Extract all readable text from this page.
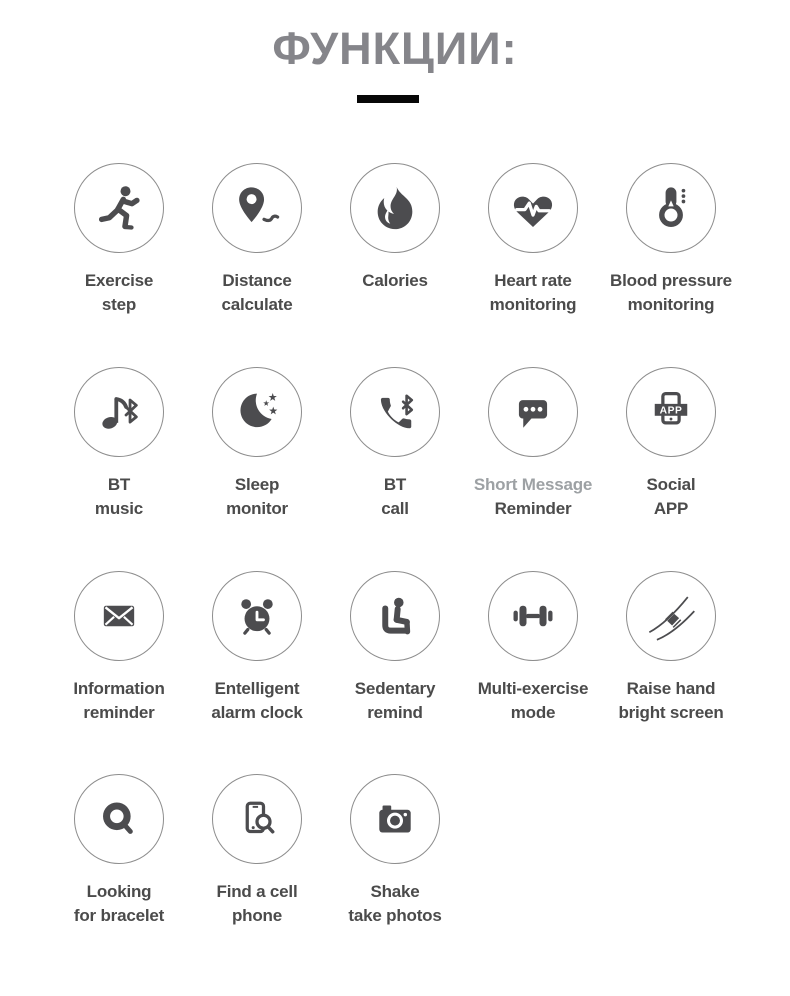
ФУНКЦИИ:
Exercise
step
Distance
calculate
Calories	Heart rate
monitoring
Blood pressure
monitoring
BT
music
Sleep
monitor
BT
call
Short Message
Reminder
APP
Social
APP
Information
reminder
Entelligent
alarm clock
Sedentary
remind
Multi-exercise
mode
Raise hand
bright screen
Looking
for bracelet
Find a cell
phone
Shake
take photos
